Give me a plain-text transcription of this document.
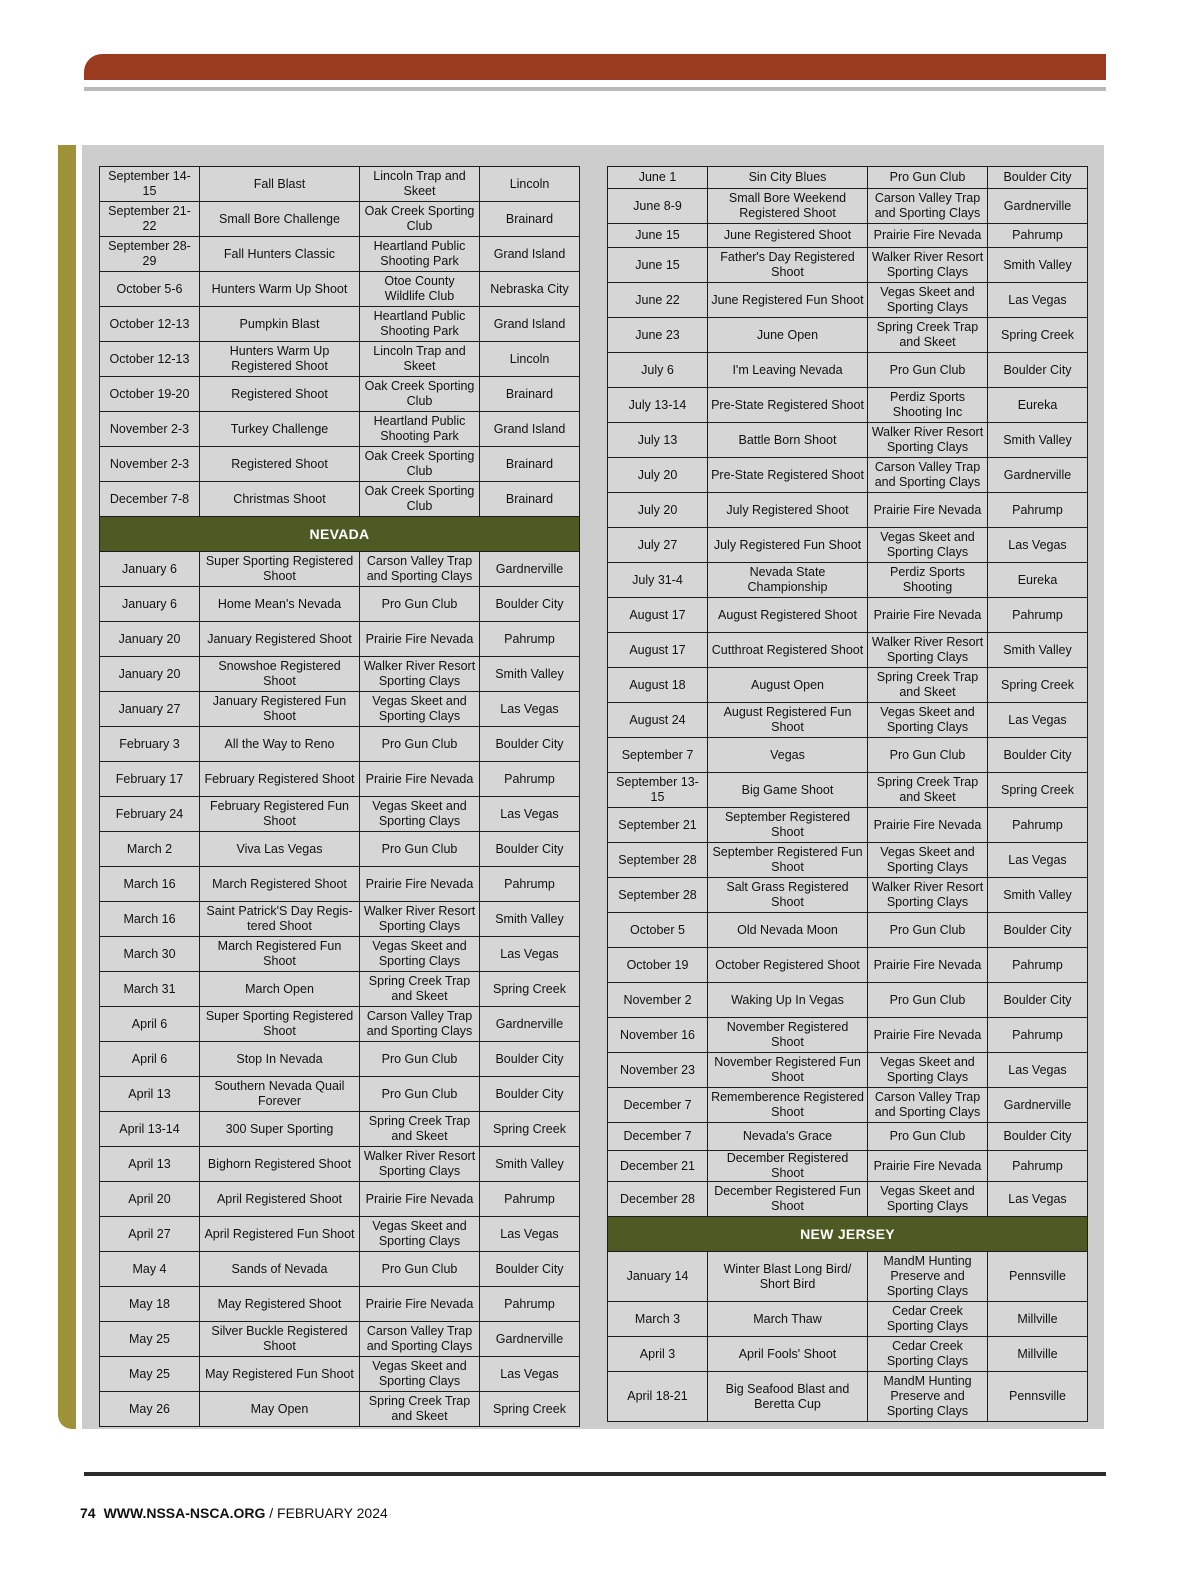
September 14-15	Fall Blast	Lincoln Trap and Skeet	Lincoln
September 21-22	Small Bore Challenge	Oak Creek Sporting Club	Brainard
September 28-29	Fall Hunters Classic	Heartland Public Shooting Park	Grand Island
October 5-6	Hunters Warm Up Shoot	Otoe County Wildlife Club	Nebraska City
October 12-13	Pumpkin Blast	Heartland Public Shooting Park	Grand Island
October 12-13	Hunters Warm Up Registered Shoot	Lincoln Trap and Skeet	Lincoln
October 19-20	Registered Shoot	Oak Creek Sporting Club	Brainard
November 2-3	Turkey Challenge	Heartland Public Shooting Park	Grand Island
November 2-3	Registered Shoot	Oak Creek Sporting Club	Brainard
December 7-8	Christmas Shoot	Oak Creek Sporting Club	Brainard
NEVADA			
January 6	Super Sporting Registered Shoot	Carson Valley Trap and Sporting Clays	Gardnerville
January 6	Home Mean's Nevada	Pro Gun Club	Boulder City
January 20	January Registered Shoot	Prairie Fire Nevada	Pahrump
January 20	Snowshoe Registered Shoot	Walker River Resort Sporting Clays	Smith Valley
January 27	January Registered Fun Shoot	Vegas Skeet and Sporting Clays	Las Vegas
February 3	All the Way to Reno	Pro Gun Club	Boulder City
February 17	February Registered Shoot	Prairie Fire Nevada	Pahrump
February 24	February Registered Fun Shoot	Vegas Skeet and Sporting Clays	Las Vegas
March 2	Viva Las Vegas	Pro Gun Club	Boulder City
March 16	March Registered Shoot	Prairie Fire Nevada	Pahrump
March 16	Saint Patrick'S Day Regis-tered Shoot	Walker River Resort Sporting Clays	Smith Valley
March 30	March Registered Fun Shoot	Vegas Skeet and Sporting Clays	Las Vegas
March 31	March Open	Spring Creek Trap and Skeet	Spring Creek
April 6	Super Sporting Registered Shoot	Carson Valley Trap and Sporting Clays	Gardnerville
April 6	Stop In Nevada	Pro Gun Club	Boulder City
April 13	Southern Nevada Quail Forever	Pro Gun Club	Boulder City
April 13-14	300 Super Sporting	Spring Creek Trap and Skeet	Spring Creek
April 13	Bighorn Registered Shoot	Walker River Resort Sporting Clays	Smith Valley
April 20	April Registered Shoot	Prairie Fire Nevada	Pahrump
April 27	April Registered Fun Shoot	Vegas Skeet and Sporting Clays	Las Vegas
May 4	Sands of Nevada	Pro Gun Club	Boulder City
May 18	May Registered Shoot	Prairie Fire Nevada	Pahrump
May 25	Silver Buckle Registered Shoot	Carson Valley Trap and Sporting Clays	Gardnerville
May 25	May Registered Fun Shoot	Vegas Skeet and Sporting Clays	Las Vegas
May 26	May Open	Spring Creek Trap and Skeet	Spring Creek
June 1	Sin City Blues	Pro Gun Club	Boulder City
June 8-9	Small Bore Weekend Registered Shoot	Carson Valley Trap and Sporting Clays	Gardnerville
June 15	June Registered Shoot	Prairie Fire Nevada	Pahrump
June 15	Father's Day Registered Shoot	Walker River Resort Sporting Clays	Smith Valley
June 22	June Registered Fun Shoot	Vegas Skeet and Sporting Clays	Las Vegas
June 23	June Open	Spring Creek Trap and Skeet	Spring Creek
July 6	I'm Leaving Nevada	Pro Gun Club	Boulder City
July 13-14	Pre-State Registered Shoot	Perdiz Sports Shooting Inc	Eureka
July 13	Battle Born Shoot	Walker River Resort Sporting Clays	Smith Valley
July 20	Pre-State Registered Shoot	Carson Valley Trap and Sporting Clays	Gardnerville
July 20	July Registered Shoot	Prairie Fire Nevada	Pahrump
July 27	July Registered Fun Shoot	Vegas Skeet and Sporting Clays	Las Vegas
July 31-4	Nevada State Championship	Perdiz Sports Shooting	Eureka
August 17	August Registered Shoot	Prairie Fire Nevada	Pahrump
August 17	Cutthroat Registered Shoot	Walker River Resort Sporting Clays	Smith Valley
August 18	August Open	Spring Creek Trap and Skeet	Spring Creek
August 24	August Registered Fun Shoot	Vegas Skeet and Sporting Clays	Las Vegas
September 7	Vegas	Pro Gun Club	Boulder City
September 13-15	Big Game Shoot	Spring Creek Trap and Skeet	Spring Creek
September 21	September Registered Shoot	Prairie Fire Nevada	Pahrump
September 28	September Registered Fun Shoot	Vegas Skeet and Sporting Clays	Las Vegas
September 28	Salt Grass Registered Shoot	Walker River Resort Sporting Clays	Smith Valley
October 5	Old Nevada Moon	Pro Gun Club	Boulder City
October 19	October Registered Shoot	Prairie Fire Nevada	Pahrump
November 2	Waking Up In Vegas	Pro Gun Club	Boulder City
November 16	November Registered Shoot	Prairie Fire Nevada	Pahrump
November 23	November Registered Fun Shoot	Vegas Skeet and Sporting Clays	Las Vegas
December 7	Rememberence Registered Shoot	Carson Valley Trap and Sporting Clays	Gardnerville
December 7	Nevada's Grace	Pro Gun Club	Boulder City
December 21	December Registered Shoot	Prairie Fire Nevada	Pahrump
December 28	December Registered Fun Shoot	Vegas Skeet and Sporting Clays	Las Vegas
NEW JERSEY			
January 14	Winter Blast Long Bird/ Short Bird	MandM Hunting Preserve and Sporting Clays	Pennsville
March 3	March Thaw	Cedar Creek Sporting Clays	Millville
April 3	April Fools' Shoot	Cedar Creek Sporting Clays	Millville
April 18-21	Big Seafood Blast and Beretta Cup	MandM Hunting Preserve and Sporting Clays	Pennsville
74 WWW.NSSA-NSCA.ORG / FEBRUARY 2024
